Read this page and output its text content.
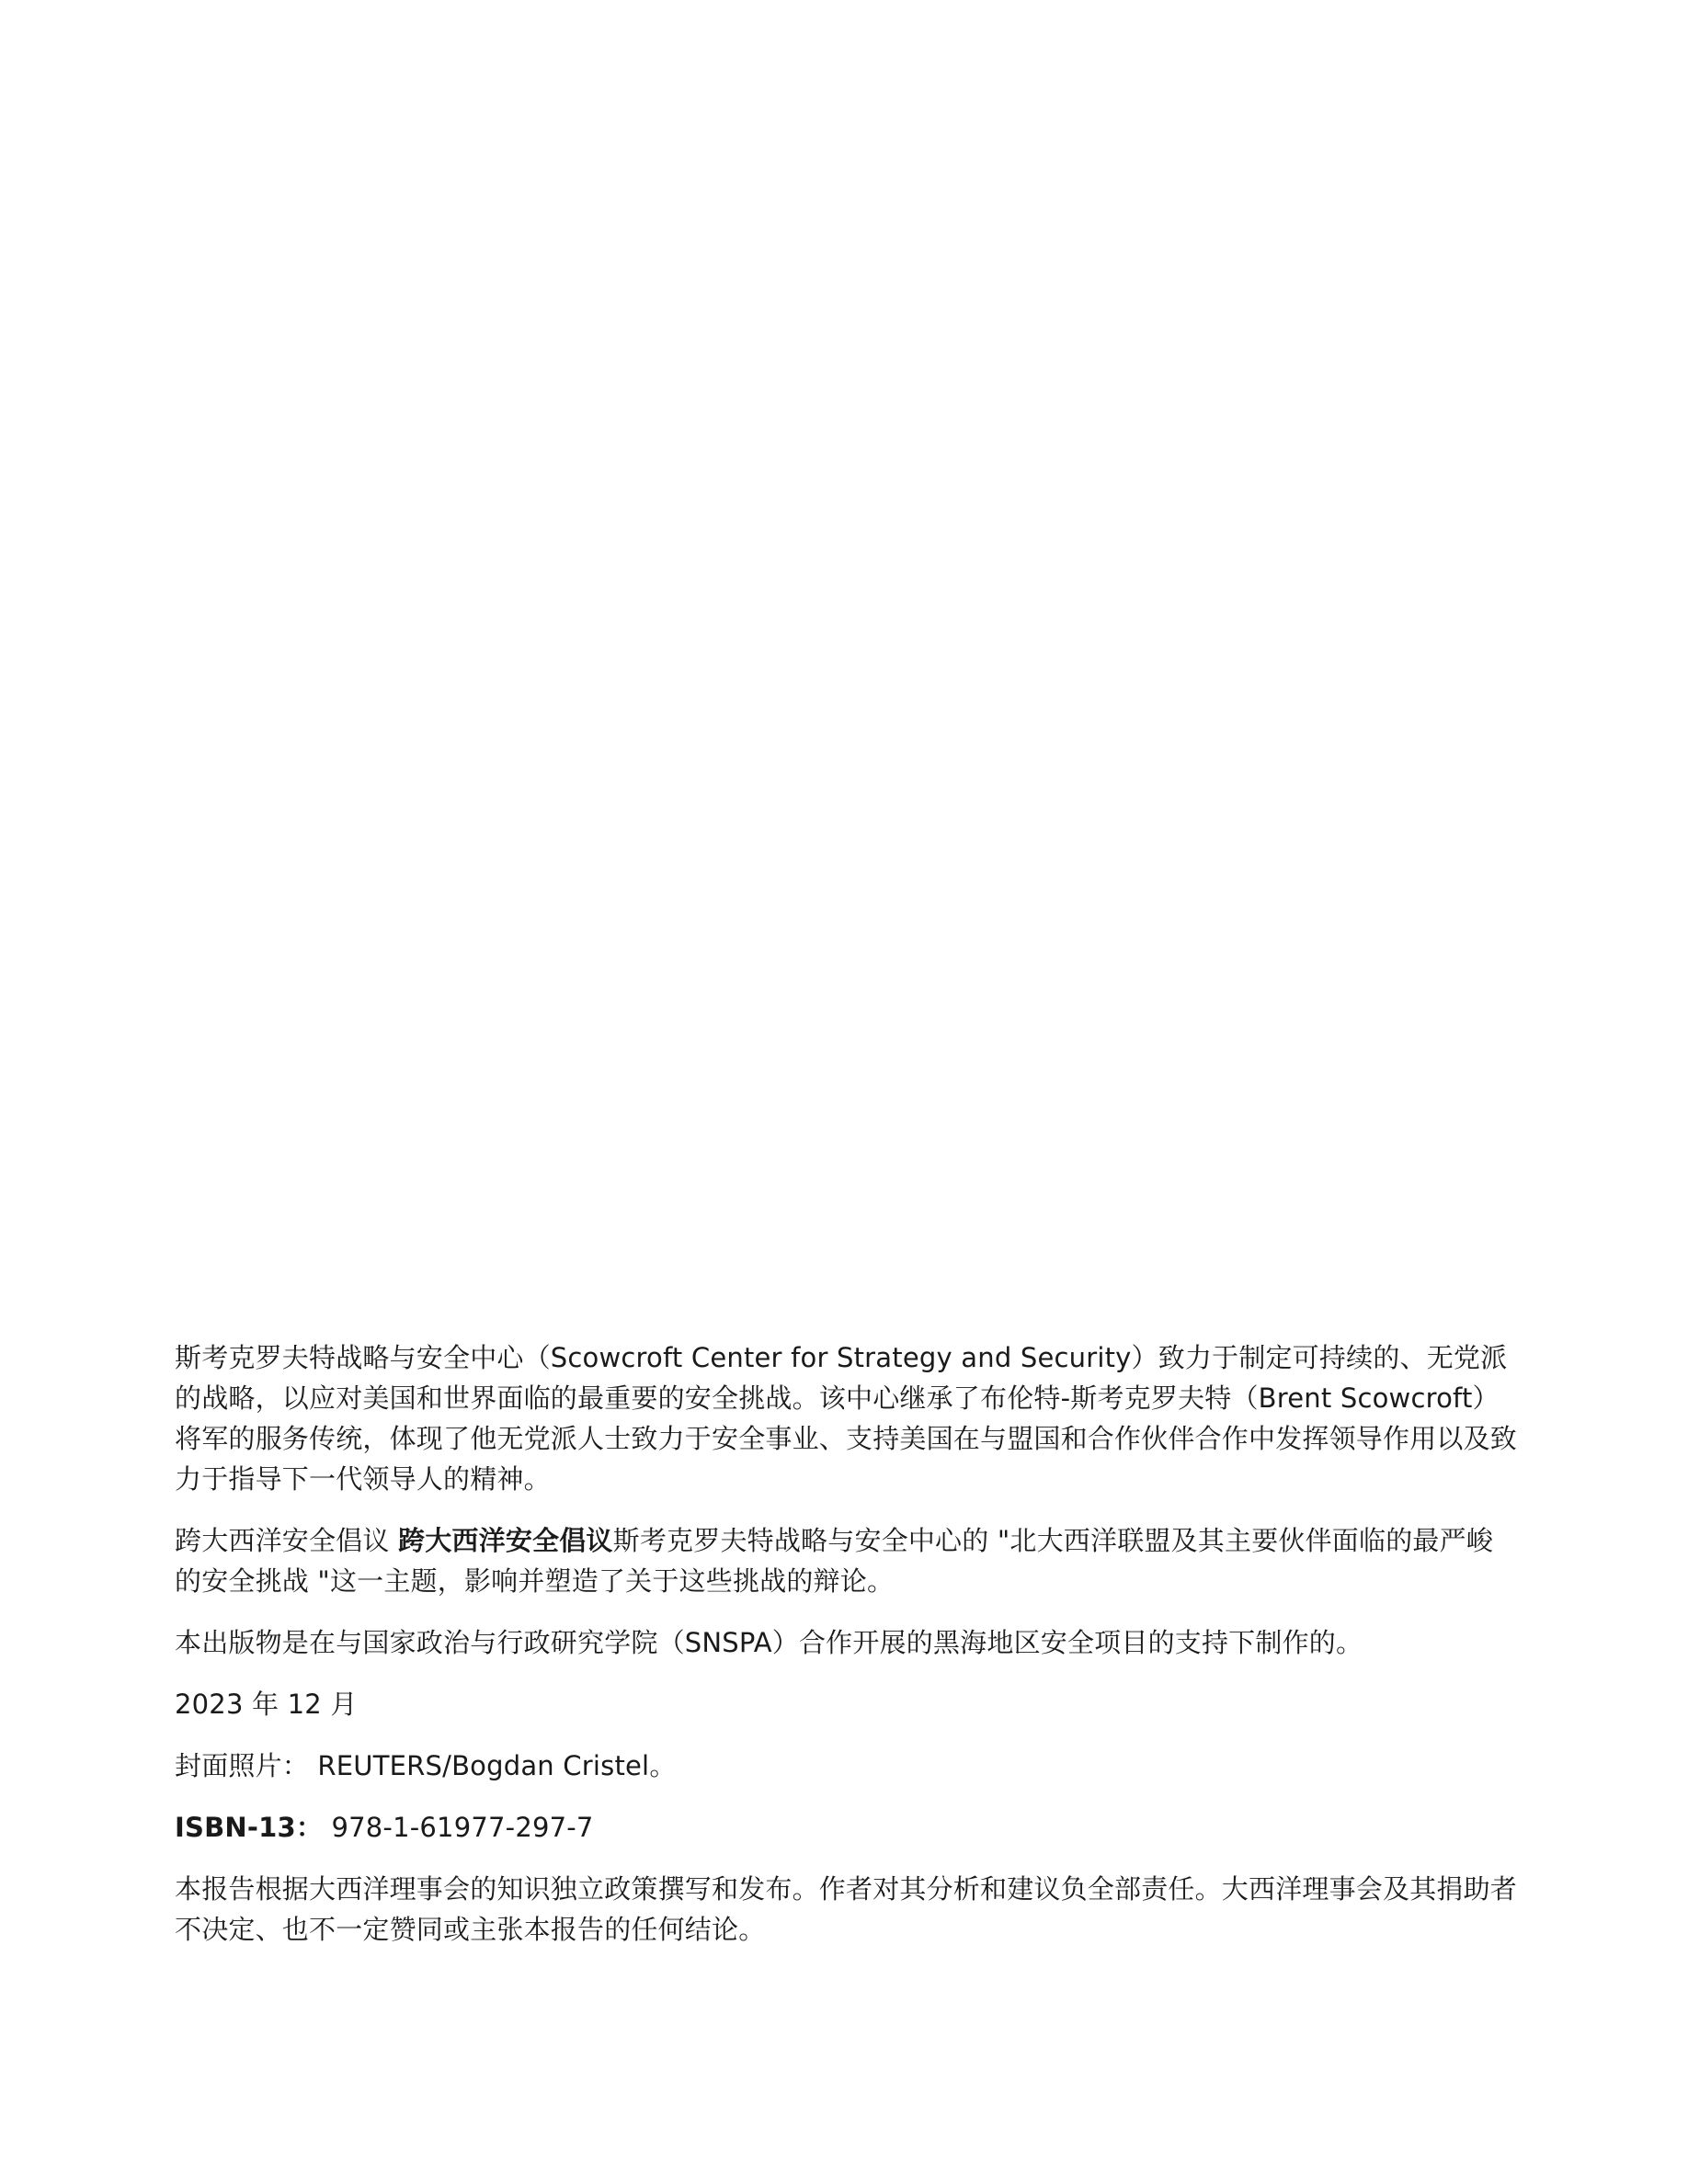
斯考克罗夫特战略与安全中心（Scowcroft Center for Strategy and Security）致力于制定可持续的、无党派的战略，以应对美国和世界面临的最重要的安全挑战。该中心继承了布伦特-斯考克罗夫特（Brent Scowcroft）将军的服务传统，体现了他无党派人士致力于安全事业、支持美国在与盟国和合作伙伴合作中发挥领导作用以及致力于指导下一代领导人的精神。

跨大西洋安全倡议 跨大西洋安全倡议斯考克罗夫特战略与安全中心的 "北大西洋联盟及其主要伙伴面临的最严峻的安全挑战 "这一主题，影响并塑造了关于这些挑战的辩论。

本出版物是在与国家政治与行政研究学院（SNSPA）合作开展的黑海地区安全项目的支持下制作的。

2023 年 12 月

封面照片： REUTERS/Bogdan Cristel。

ISBN-13： 978-1-61977-297-7

本报告根据大西洋理事会的知识独立政策撰写和发布。作者对其分析和建议负全部责任。大西洋理事会及其捐助者不决定、也不一定赞同或主张本报告的任何结论。
